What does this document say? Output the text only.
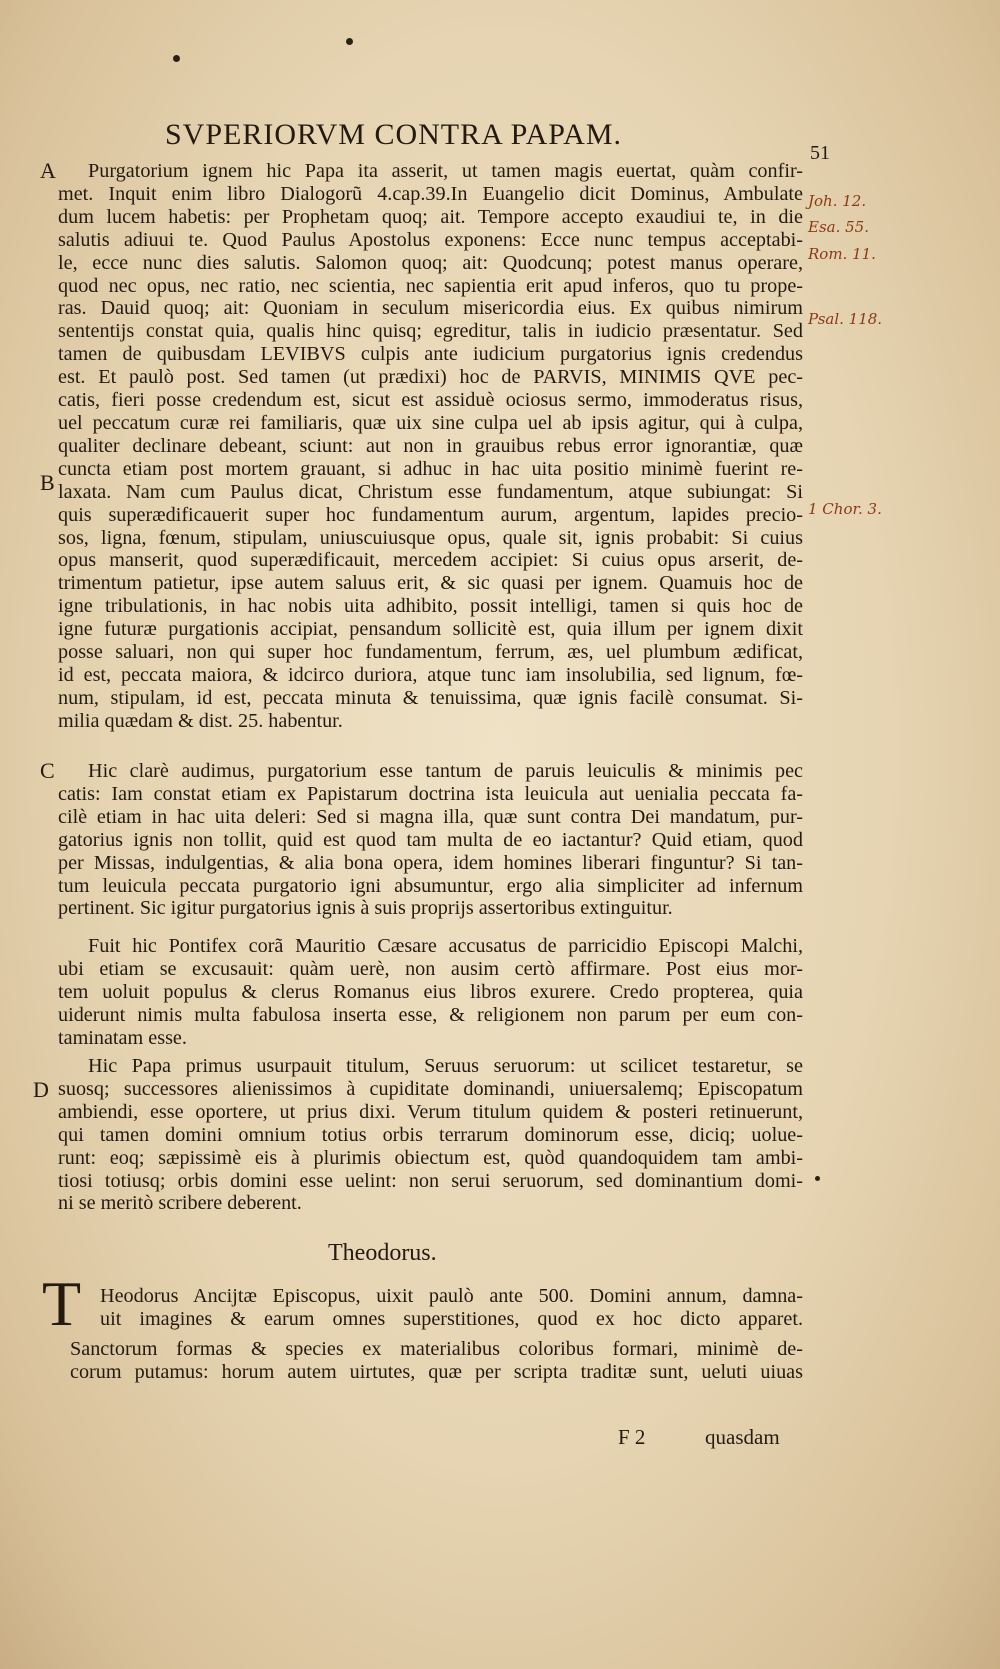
SVPERIORVM CONTRA PAPAM.
51
A
B
C
D
Joh. 12.
Esa. 55.
Rom. 11.
Psal. 118.
1 Chor. 3.
Purgatorium ignem hic Papa ita asserit, ut tamen magis euertat, quàm confir-
met. Inquit enim libro Dialogorũ 4.cap.39.In Euangelio dicit Dominus, Ambulate
dum lucem habetis: per Prophetam quoq; ait. Tempore accepto exaudiui te, in die
salutis adiuui te. Quod Paulus Apostolus exponens: Ecce nunc tempus acceptabi-
le, ecce nunc dies salutis. Salomon quoq; ait: Quodcunq; potest manus operare,
quod nec opus, nec ratio, nec scientia, nec sapientia erit apud inferos, quo tu prope-
ras. Dauid quoq; ait: Quoniam in seculum misericordia eius. Ex quibus nimirum
sententijs constat quia, qualis hinc quisq; egreditur, talis in iudicio præsentatur. Sed
tamen de quibusdam LEVIBVS culpis ante iudicium purgatorius ignis credendus
est. Et paulò post. Sed tamen (ut prædixi) hoc de PARVIS, MINIMIS QVE pec-
catis, fieri posse credendum est, sicut est assiduè ociosus sermo, immoderatus risus,
uel peccatum curæ rei familiaris, quæ uix sine culpa uel ab ipsis agitur, qui à culpa,
qualiter declinare debeant, sciunt: aut non in grauibus rebus error ignorantiæ, quæ
cuncta etiam post mortem grauant, si adhuc in hac uita positio minimè fuerint re-
laxata. Nam cum Paulus dicat, Christum esse fundamentum, atque subiungat: Si
quis superædificauerit super hoc fundamentum aurum, argentum, lapides precio-
sos, ligna, fœnum, stipulam, uniuscuiusque opus, quale sit, ignis probabit: Si cuius
opus manserit, quod superædificauit, mercedem accipiet: Si cuius opus arserit, de-
trimentum patietur, ipse autem saluus erit, & sic quasi per ignem. Quamuis hoc de
igne tribulationis, in hac nobis uita adhibito, possit intelligi, tamen si quis hoc de
igne futuræ purgationis accipiat, pensandum sollicitè est, quia illum per ignem dixit
posse saluari, non qui super hoc fundamentum, ferrum, æs, uel plumbum ædificat,
id est, peccata maiora, & idcirco duriora, atque tunc iam insolubilia, sed lignum, fœ-
num, stipulam, id est, peccata minuta & tenuissima, quæ ignis facilè consumat. Si-
milia quædam & dist. 25. habentur.
Hic clarè audimus, purgatorium esse tantum de paruis leuiculis & minimis pec
catis: Iam constat etiam ex Papistarum doctrina ista leuicula aut uenialia peccata fa-
cilè etiam in hac uita deleri: Sed si magna illa, quæ sunt contra Dei mandatum, pur-
gatorius ignis non tollit, quid est quod tam multa de eo iactantur? Quid etiam, quod
per Missas, indulgentias, & alia bona opera, idem homines liberari finguntur? Si tan-
tum leuicula peccata purgatorio igni absumuntur, ergo alia simpliciter ad infernum
pertinent. Sic igitur purgatorius ignis à suis proprijs assertoribus extinguitur.
Fuit hic Pontifex corã Mauritio Cæsare accusatus de parricidio Episcopi Malchi,
ubi etiam se excusauit: quàm uerè, non ausim certò affirmare. Post eius mor-
tem uoluit populus & clerus Romanus eius libros exurere. Credo propterea, quia
uiderunt nimis multa fabulosa inserta esse, & religionem non parum per eum con-
taminatam esse.
Hic Papa primus usurpauit titulum, Seruus seruorum: ut scilicet testaretur, se
suosq; successores alienissimos à cupiditate dominandi, uniuersalemq; Episcopatum
ambiendi, esse oportere, ut prius dixi. Verum titulum quidem & posteri retinuerunt,
qui tamen domini omnium totius orbis terrarum dominorum esse, diciq; uolue-
runt: eoq; sæpissimè eis à plurimis obiectum est, quòd quandoquidem tam ambi-
tiosi totiusq; orbis domini esse uelint: non serui seruorum, sed dominantium domi-
ni se meritò scribere deberent.
Theodorus.
T Heodorus Ancijtæ Episcopus, uixit paulò ante 500. Domini annum, damna-
uit imagines & earum omnes superstitiones, quod ex hoc dicto apparet.
Sanctorum formas & species ex materialibus coloribus formari, minimè de-
corum putamus: horum autem uirtutes, quæ per scripta traditæ sunt, ueluti uiuas
F 2	quasdam
